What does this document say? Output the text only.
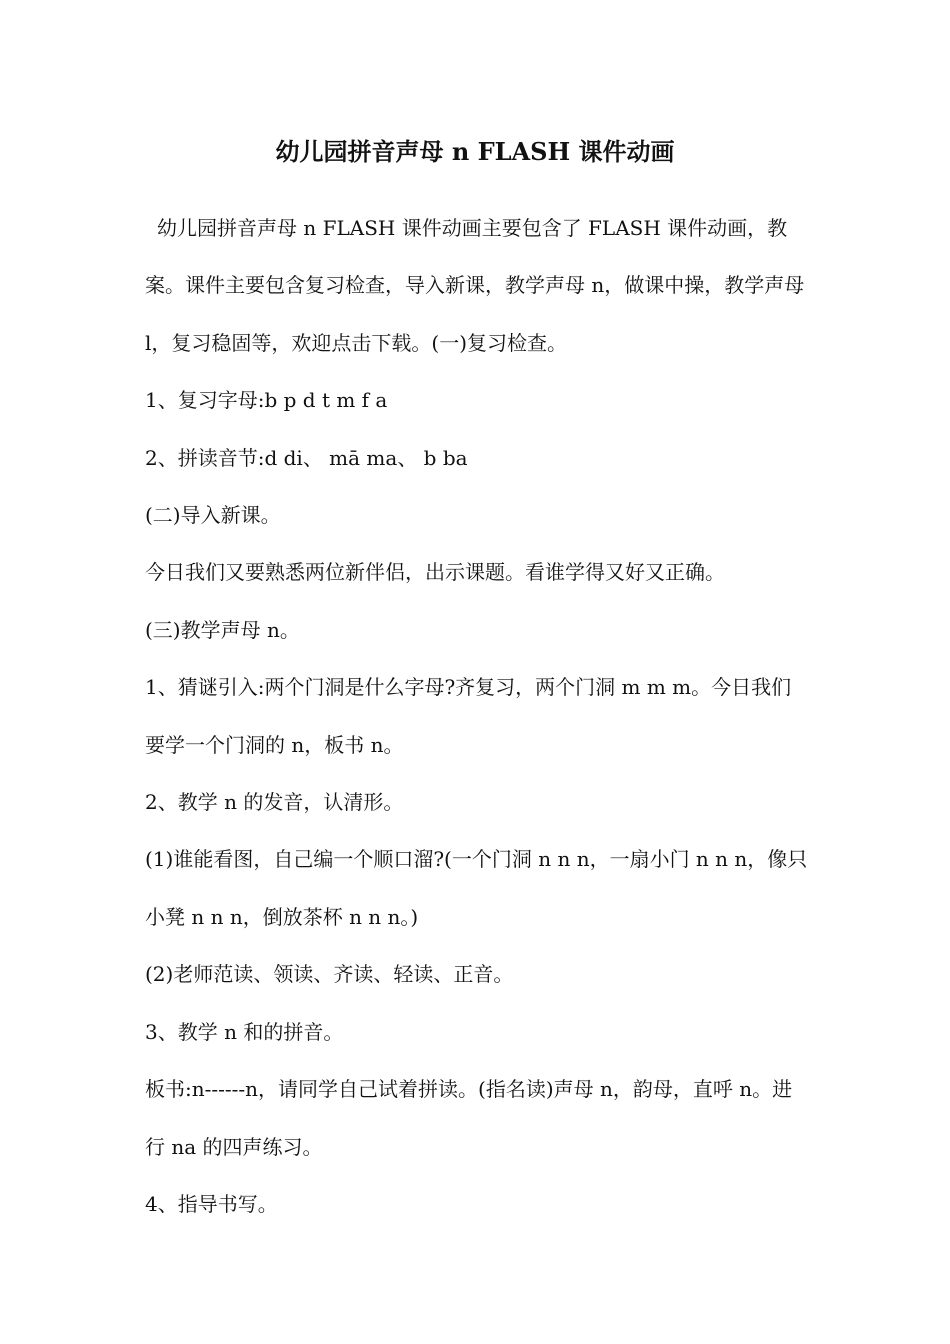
幼儿园拼音声母 n FLASH 课件动画

幼儿园拼音声母 n FLASH 课件动画主要包含了 FLASH 课件动画，教案。课件主要包含复习检查，导入新课，教学声母 n，做课中操，教学声母 l，复习稳固等，欢迎点击下载。(一)复习检查。

1、复习字母:b p d t m f a

2、拼读音节:d di、 mā ma、 b ba

(二)导入新课。

今日我们又要熟悉两位新伴侣，出示课题。看谁学得又好又正确。

(三)教学声母 n。

1、猜谜引入:两个门洞是什么字母?齐复习，两个门洞 m m m。今日我们要学一个门洞的 n，板书 n。

2、教学 n 的发音，认清形。

(1)谁能看图，自己编一个顺口溜?(一个门洞 n n n，一扇小门 n n n，像只小凳 n n n，倒放茶杯 n n n。)

(2)老师范读、领读、齐读、轻读、正音。

3、教学 n 和的拼音。

板书:n------n，请同学自己试着拼读。(指名读)声母 n，韵母，直呼 n。进行 na 的四声练习。

4、指导书写。
